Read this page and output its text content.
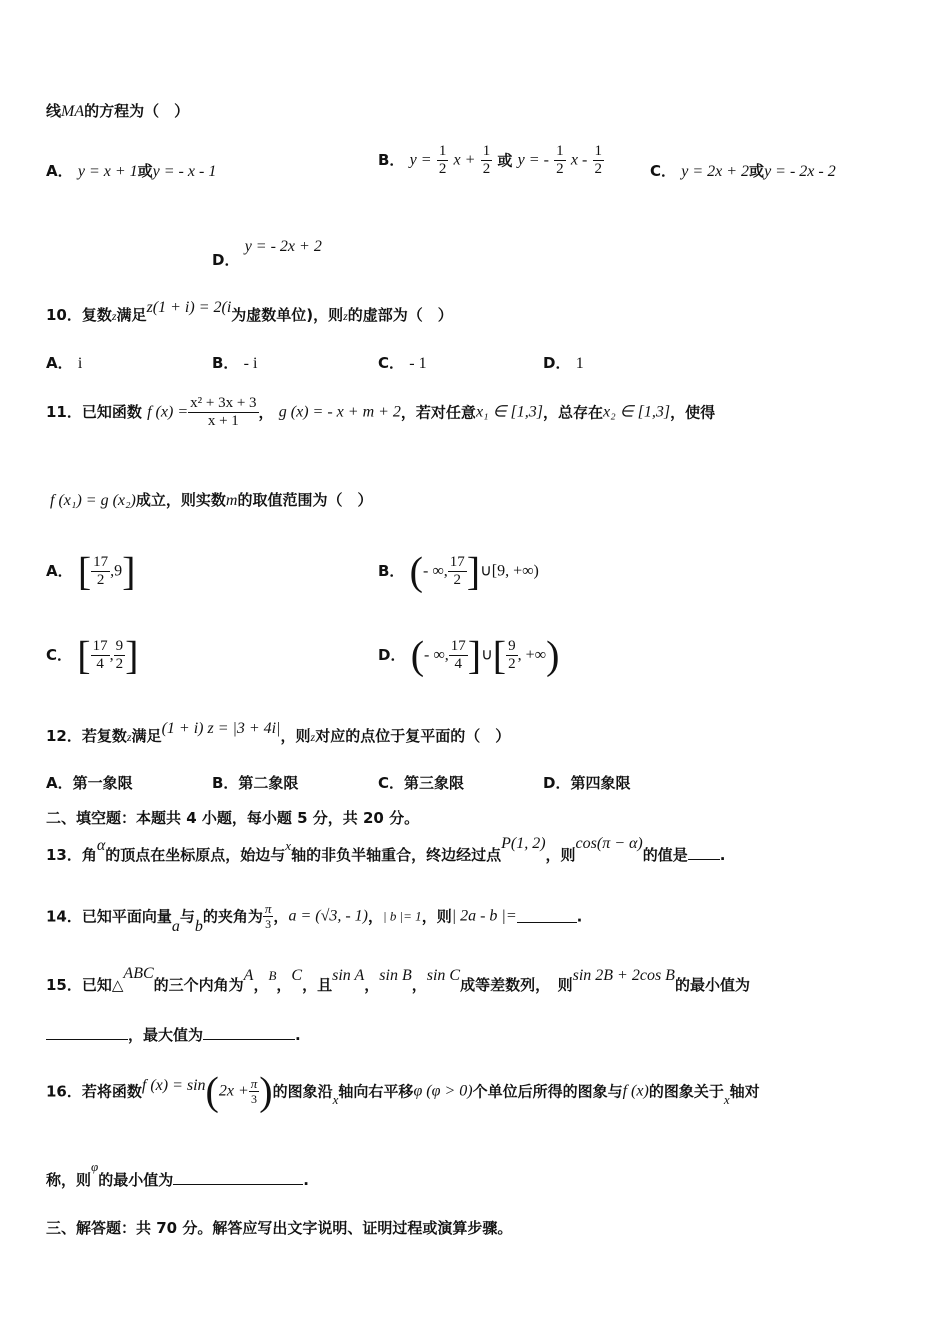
线MA的方程为（　）
A． y = x + 1或y = - x - 1
B． $y = \frac{1}{2}$ $x + \frac{1}{2}$ 或 y = - $\frac{1}{2}$ x - $\frac{1}{2}$	C． y = 2x + 2或y = - 2x - 2
D． y = - 2x + 2
10．复数z满足z(1 + i) = 2(i为虚数单位)，则z的虚部为（　）
A． i	B． - i	C． - 1	D． 1
11．已知函数 f $(x) = \frac{\text{x² + 3x + 3}}{x + 1}$ ， g (x) = - x + m + 2，若对任意x₁ ∈ [1,3]，总存在x₂ ∈ [1,3]，使得
f (x₁) = g (x₂)成立，则实数m的取值范围为（　）
A． [ $\frac{17}{2} ,9$]	B． (- ∞, $\frac{17}{2}$ ]∪[9, +∞)
C． [ $\frac{17}{4}$ , $\frac{9}{2}$ ]	D． (- ∞, $\frac{17}{4}$ ]∪[ $\frac{9}{2}$ , +∞)
12．若复数z满足(1 + i) z = |3 + 4i|，则z对应的点位于复平面的（　）
A．第一象限	B．第二象限	C．第三象限	D．第四象限
二、填空题：本题共 4 小题，每小题 5 分，共 20 分。
13．角α的顶点在坐标原点，始边与x轴的非负半轴重合，终边经过点P(1, 2)，则cos(π − α)的值是 .
14．已知平面向量a与b的夹角为 $\frac{\pi}{3}$ ，a = (√3, - 1)，| b |= 1，则| 2a - b |=	.
15．已知△ABC的三个内角为A，B，C，且sin A，sin B，sin C成等差数列，　则sin 2B + 2cos B的最小值为
，最大值为	.
16．若将函数f $(x) = \sin(2x + \frac{\pi}{3}$ )的图象沿x轴向右平移φ (φ > 0)个单位后所得的图象与f (x)的图象关于x轴对
称，则φ的最小值为	.
三、解答题：共 70 分。解答应写出文字说明、证明过程或演算步骤。
